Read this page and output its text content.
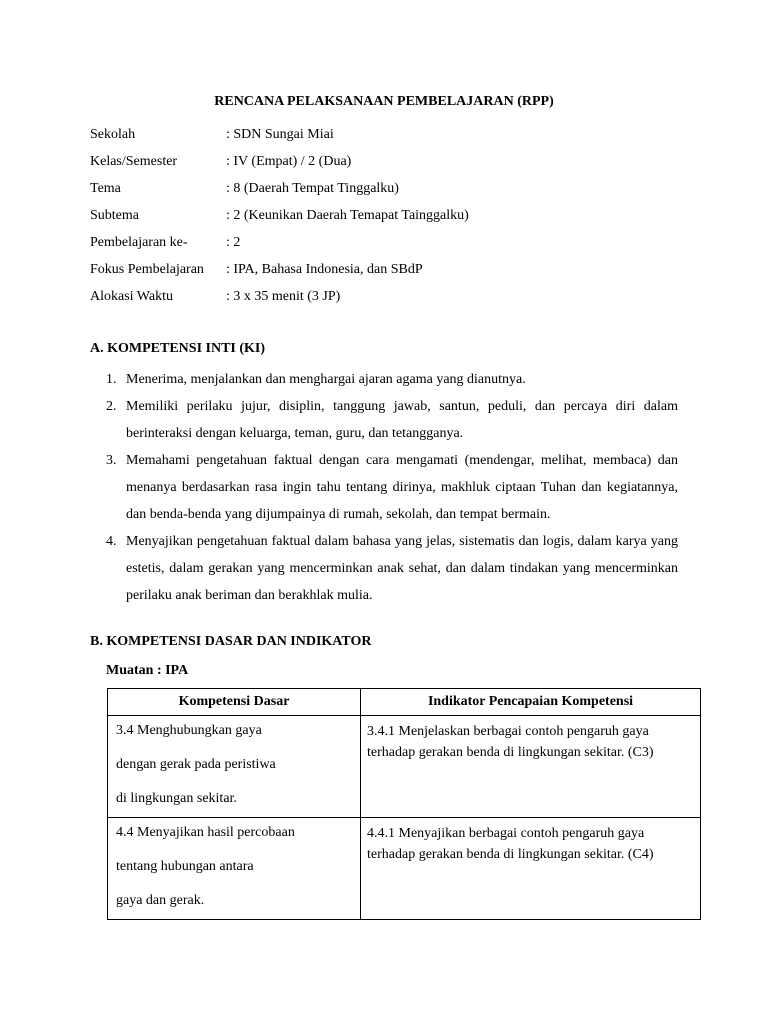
RENCANA PELAKSANAAN PEMBELAJARAN (RPP)
Sekolah	: SDN Sungai Miai
Kelas/Semester	: IV (Empat) / 2 (Dua)
Tema	: 8 (Daerah Tempat Tinggalku)
Subtema	: 2 (Keunikan Daerah Temapat Tainggalku)
Pembelajaran ke-	: 2
Fokus Pembelajaran	: IPA, Bahasa Indonesia, dan SBdP
Alokasi Waktu	: 3 x 35 menit (3 JP)
A. KOMPETENSI INTI (KI)
1. Menerima, menjalankan dan menghargai ajaran agama yang dianutnya.
2. Memiliki perilaku jujur, disiplin, tanggung jawab, santun, peduli, dan percaya diri dalam berinteraksi dengan keluarga, teman, guru, dan tetangganya.
3. Memahami pengetahuan faktual dengan cara mengamati (mendengar, melihat, membaca) dan menanya berdasarkan rasa ingin tahu tentang dirinya, makhluk ciptaan Tuhan dan kegiatannya, dan benda-benda yang dijumpainya di rumah, sekolah, dan tempat bermain.
4. Menyajikan pengetahuan faktual dalam bahasa yang jelas, sistematis dan logis, dalam karya yang estetis, dalam gerakan yang mencerminkan anak sehat, dan dalam tindakan yang mencerminkan perilaku anak beriman dan berakhlak mulia.
B. KOMPETENSI DASAR DAN INDIKATOR
Muatan : IPA
Kompetensi Dasar	Indikator Pencapaian Kompetensi

3.4 Menghubungkan gaya
dengan gerak pada peristiwa
di lingkungan sekitar.	3.4.1 Menjelaskan berbagai contoh pengaruh gaya terhadap gerakan benda di lingkungan sekitar. (C3)

4.4 Menyajikan hasil percobaan
tentang hubungan antara
gaya dan gerak.	4.4.1 Menyajikan berbagai contoh pengaruh gaya terhadap gerakan benda di lingkungan sekitar. (C4)
